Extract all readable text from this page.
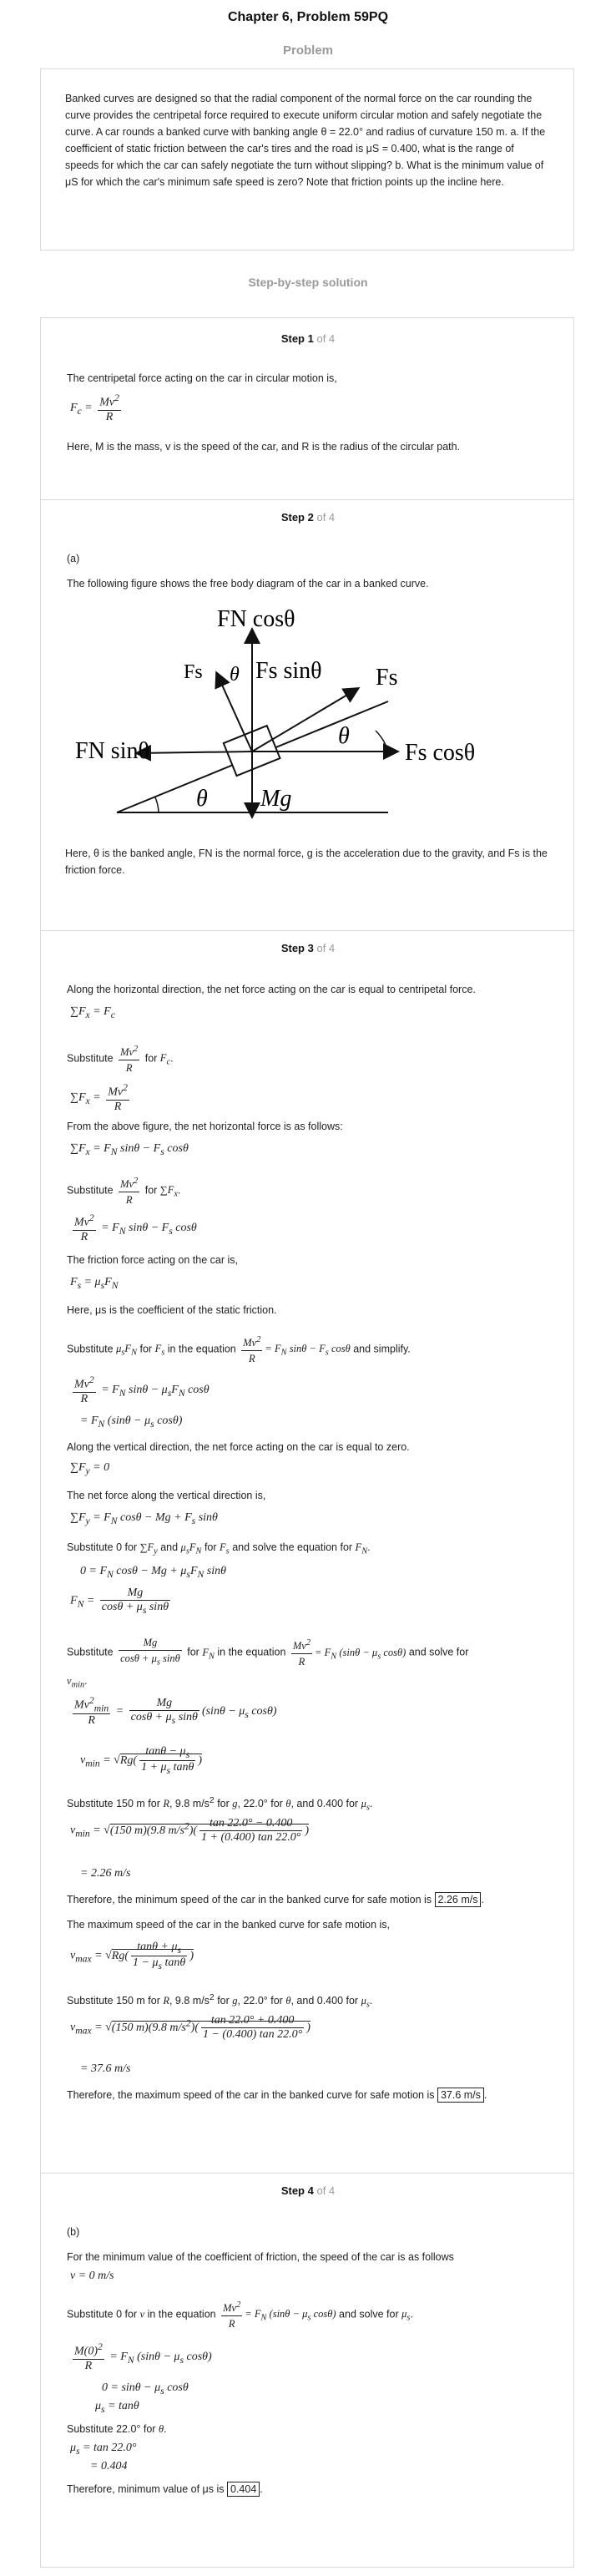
Chapter 6, Problem 59PQ
Problem
Banked curves are designed so that the radial component of the normal force on the car rounding the curve provides the centripetal force required to execute uniform circular motion and safely negotiate the curve. A car rounds a banked curve with banking angle θ = 22.0° and radius of curvature 150 m. a. If the coefficient of static friction between the car's tires and the road is μS = 0.400, what is the range of speeds for which the car can safely negotiate the turn without slipping? b. What is the minimum value of μS for which the car's minimum safe speed is zero? Note that friction points up the incline here.
Step-by-step solution
Step 1 of 4
The centripetal force acting on the car in circular motion is,
$F_c = \frac{Mv^2}{R}$
Here, M is the mass, v is the speed of the car, and R is the radius of the circular path.
Step 2 of 4
(a)
The following figure shows the free body diagram of the car in a banked curve.
FN cosθ
Fs θ Fs sinθ Fs
FN sinθ
θ
Fs cosθ
θ Mg
Here, θ is the banked angle, FN is the normal force, g is the acceleration due to the gravity, and Fs is the friction force.
Step 3 of 4
Along the horizontal direction, the net force acting on the car is equal to centripetal force.
$\sum F_x = F_c$
Substitute $\frac{Mv^2}{R}$ for $F_c$.
$\sum F_x = \frac{Mv^2}{R}$
From the above figure, the net horizontal force is as follows:
$\sum F_x = F_N$ $\sin\theta - F_s$ cosθ
Substitute $\frac{Mv^2}{R}$ for $\sum F_x$.
$\frac{Mv^2}{R} = F_N$ $\sin\theta - F_s$ cosθ
The friction force acting on the car is,
$F_s = \mu_sF_N$
Here, μs is the coefficient of the static friction.
Substitute $\mu_sF_N$ for $F_s$ in the equation $\frac{Mv^2}{R} = F_N$ $\sin\theta - F_s$ cosθ and simplify.
$\frac{Mv^2}{R} = F_N$ $\sin\theta - \mu_sF_N$ cosθ
= $F_N$ ($\sin\theta - \mu_s$ cosθ)
Along the vertical direction, the net force acting on the car is equal to zero.
$\sum F_y = 0$
The net force along the vertical direction is,
$\sum F_y = F_N$ $\cos\theta - Mg + F_s$ sinθ
Substitute 0 for $\sum F_y$ and $\mu_sF_N$ for $F_s$ and solve the equation for $F_N$.
$0 = F_N$ $\cos\theta - Mg + \mu_sF_N$ sinθ
$F_N = \frac{Mg}{\cos\theta + \mu_s \sin\theta}$
Substitute $\frac{Mg}{\cos\theta + \mu_s \sin\theta}$ for $F_N$ in the equation $\frac{Mv^2}{R} = F_N$ ($\sin\theta - \mu_s$ cosθ) and solve for
$v_{min}$.
$\frac{Mv^2_{min}}{R} = \frac{Mg}{\cos\theta + \mu_s \sin\theta} (\sin\theta - \mu_s$ cosθ)
$v_{min} = √Rg( \frac{\tan\theta - \mu_s}{1 + \mu_s \tan\theta}$ )
Substitute 150 m for R, 9.8 $m/s^2$ for g, 22.0° for θ, and 0.400 for $\mu_s$.
$v_{min} = √(150$ m)(9.8 $m/s^2)( \frac{\tan 22.0^\circ - 0.400}{1 + (0.400) \tan 22.0^\circ}$ )
= 2.26 m/s
Therefore, the minimum speed of the car in the banked curve for safe motion is 2.26 m/s .
The maximum speed of the car in the banked curve for safe motion is,
$v_{max} = √Rg( \frac{\tan\theta + \mu_s}{1 - \mu_s \tan\theta}$ )
Substitute 150 m for R, 9.8 $m/s^2$ for g, 22.0° for θ, and 0.400 for $\mu_s$.
$v_{max} = √(150$ m)(9.8 $m/s^2)( \frac{\tan 22.0^\circ + 0.400}{1 - (0.400) \tan 22.0^\circ}$ )
= 37.6 m/s
Therefore, the maximum speed of the car in the banked curve for safe motion is 37.6 m/s .
Step 4 of 4
(b)
For the minimum value of the coefficient of friction, the speed of the car is as follows
v = 0 m/s
Substitute 0 for v in the equation $\frac{Mv^2}{R} = F_N$ ($\sin\theta - \mu_s$ cosθ) and solve for $\mu_s$.
$\frac{M(0)^2}{R} = F_N$ ($\sin\theta - \mu_s$ cosθ)
$0 = \sin\theta - \mu_s$ cosθ
$\mu_s = \tan\theta$
Substitute 22.0° for θ.
$\mu_s = \tan 22.0^\circ$
= 0.404
Therefore, minimum value of μs is 0.404 .
